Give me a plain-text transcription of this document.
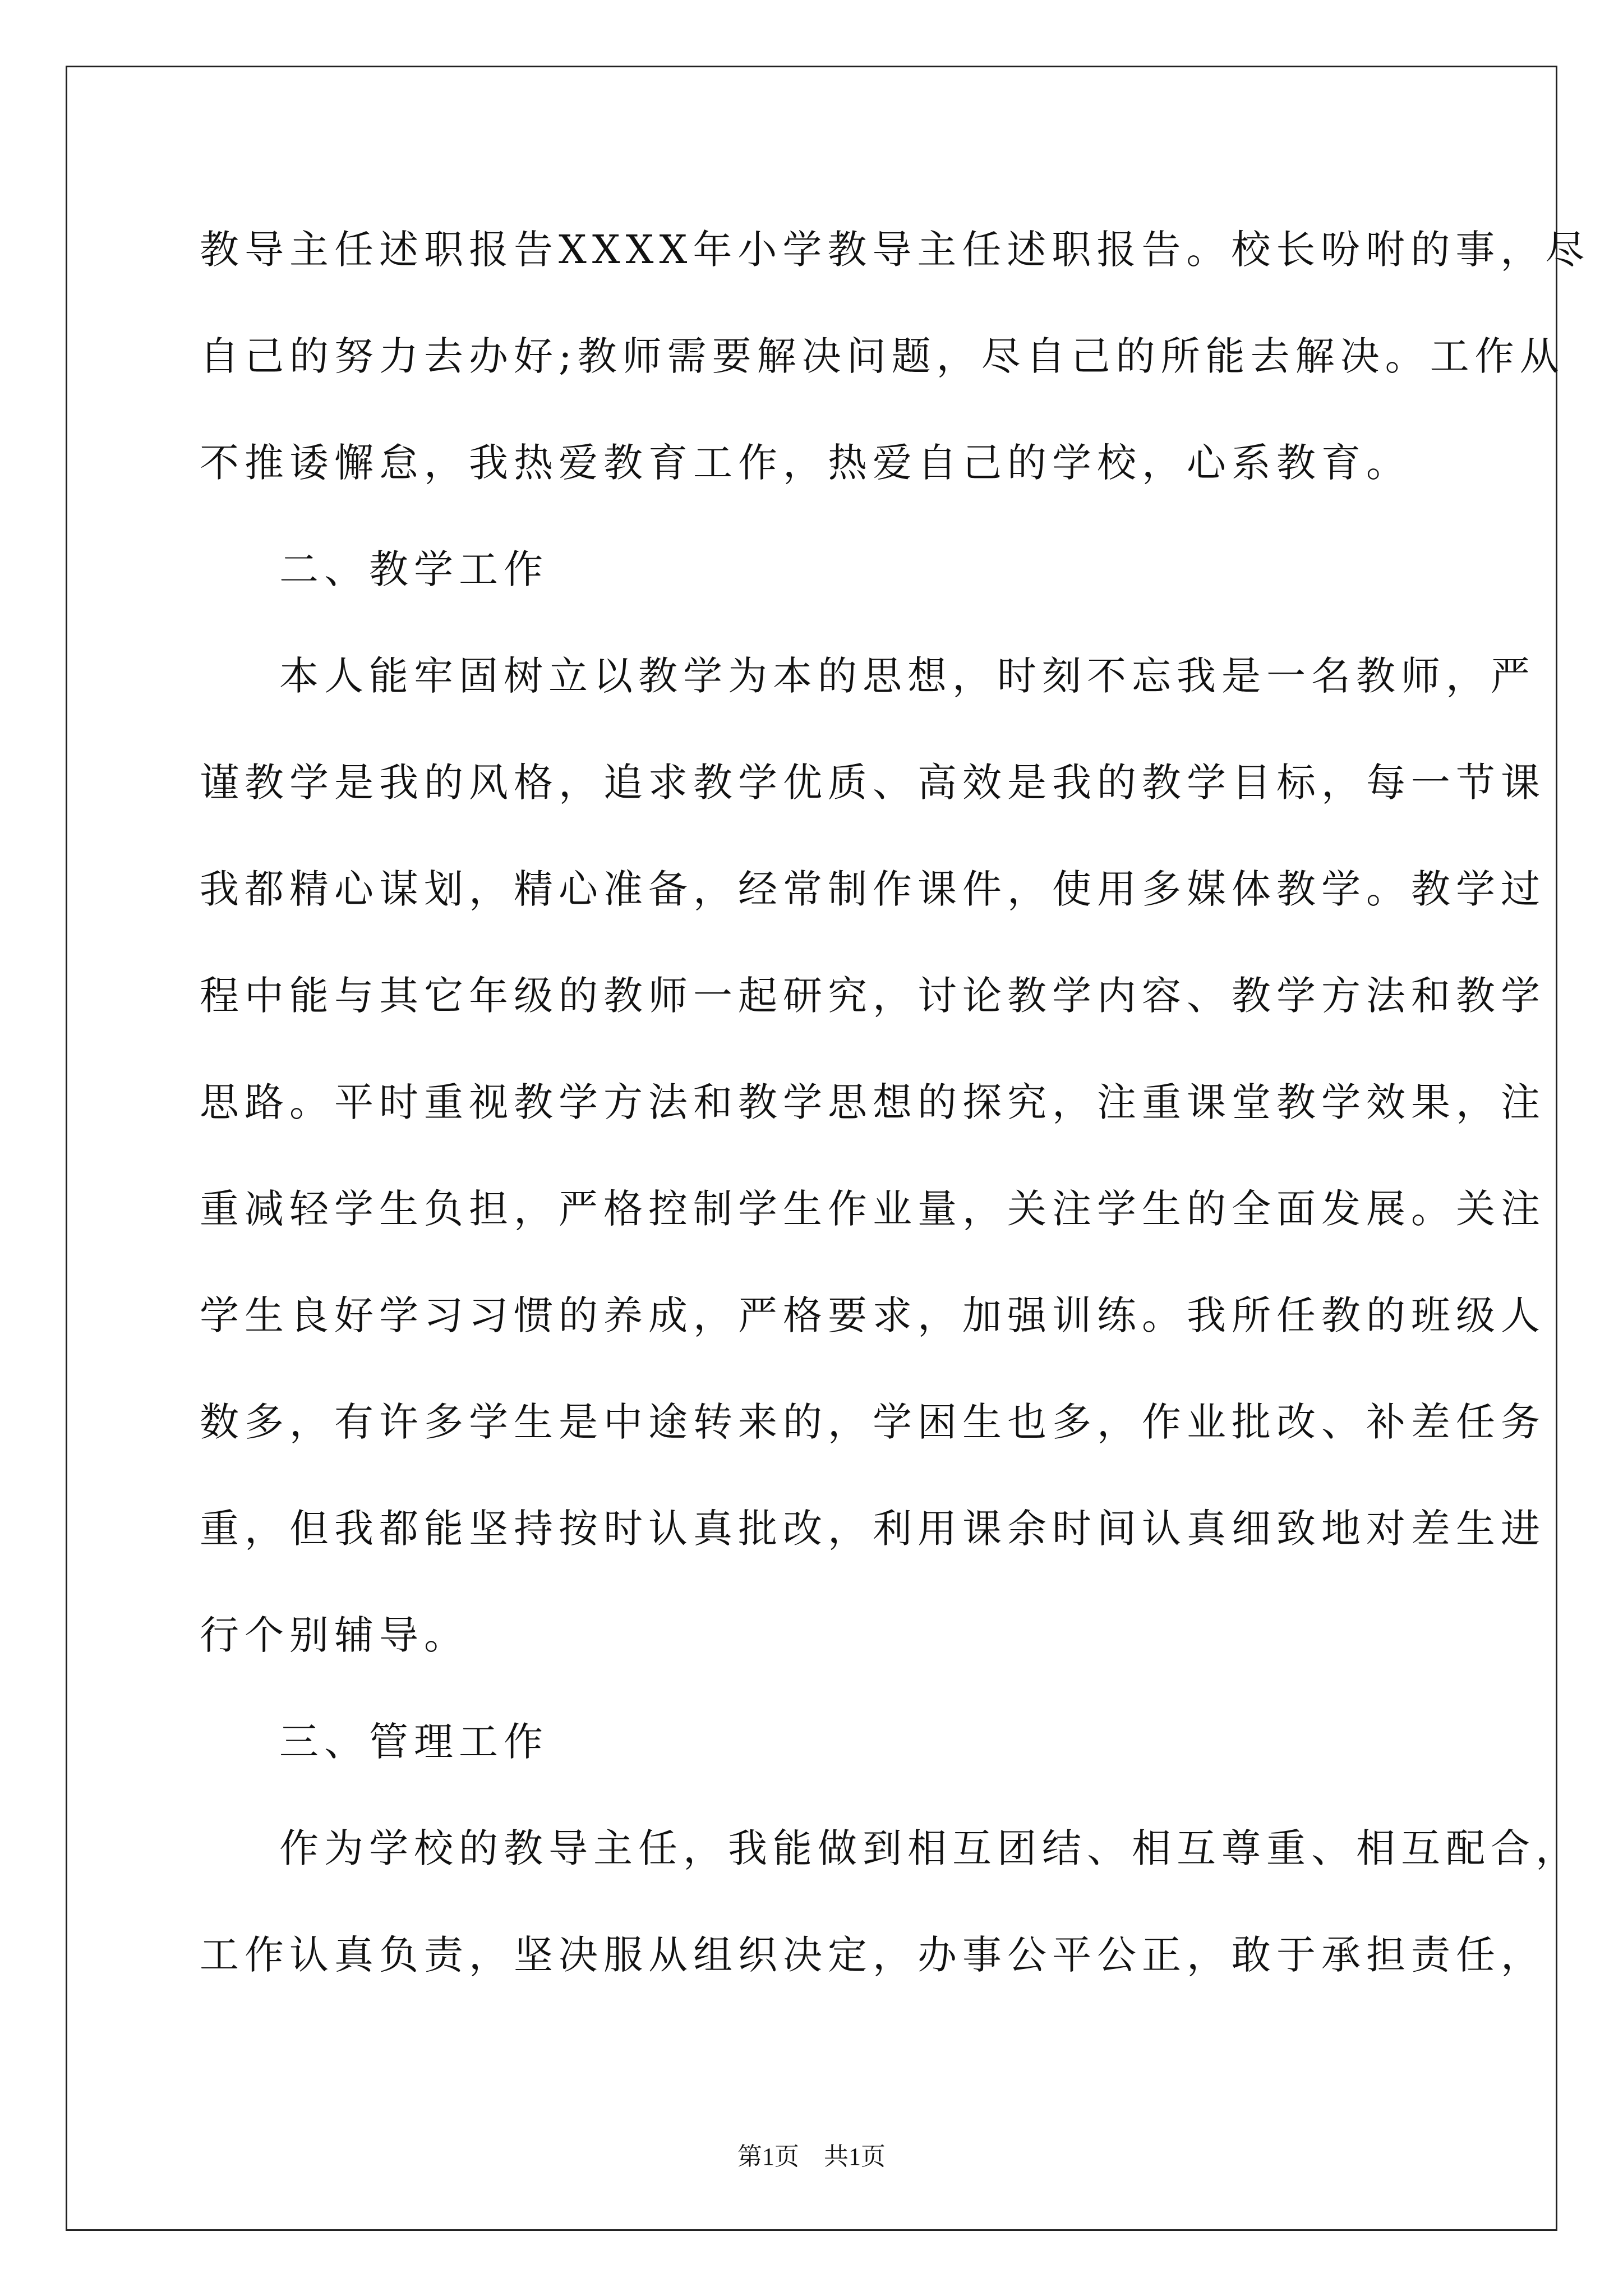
教导主任述职报告XXXX年小学教导主任述职报告。校长吩咐的事，尽
自己的努力去办好;教师需要解决问题，尽自己的所能去解决。工作从
不推诿懈怠，我热爱教育工作，热爱自己的学校，心系教育。
二、教学工作
本人能牢固树立以教学为本的思想，时刻不忘我是一名教师，严
谨教学是我的风格，追求教学优质、高效是我的教学目标，每一节课
我都精心谋划，精心准备，经常制作课件，使用多媒体教学。教学过
程中能与其它年级的教师一起研究，讨论教学内容、教学方法和教学
思路。平时重视教学方法和教学思想的探究，注重课堂教学效果，注
重减轻学生负担，严格控制学生作业量，关注学生的全面发展。关注
学生良好学习习惯的养成，严格要求，加强训练。我所任教的班级人
数多，有许多学生是中途转来的，学困生也多，作业批改、补差任务
重，但我都能坚持按时认真批改，利用课余时间认真细致地对差生进
行个别辅导。
三、管理工作
作为学校的教导主任，我能做到相互团结、相互尊重、相互配合，
工作认真负责，坚决服从组织决定，办事公平公正，敢于承担责任，
第1页　共1页
